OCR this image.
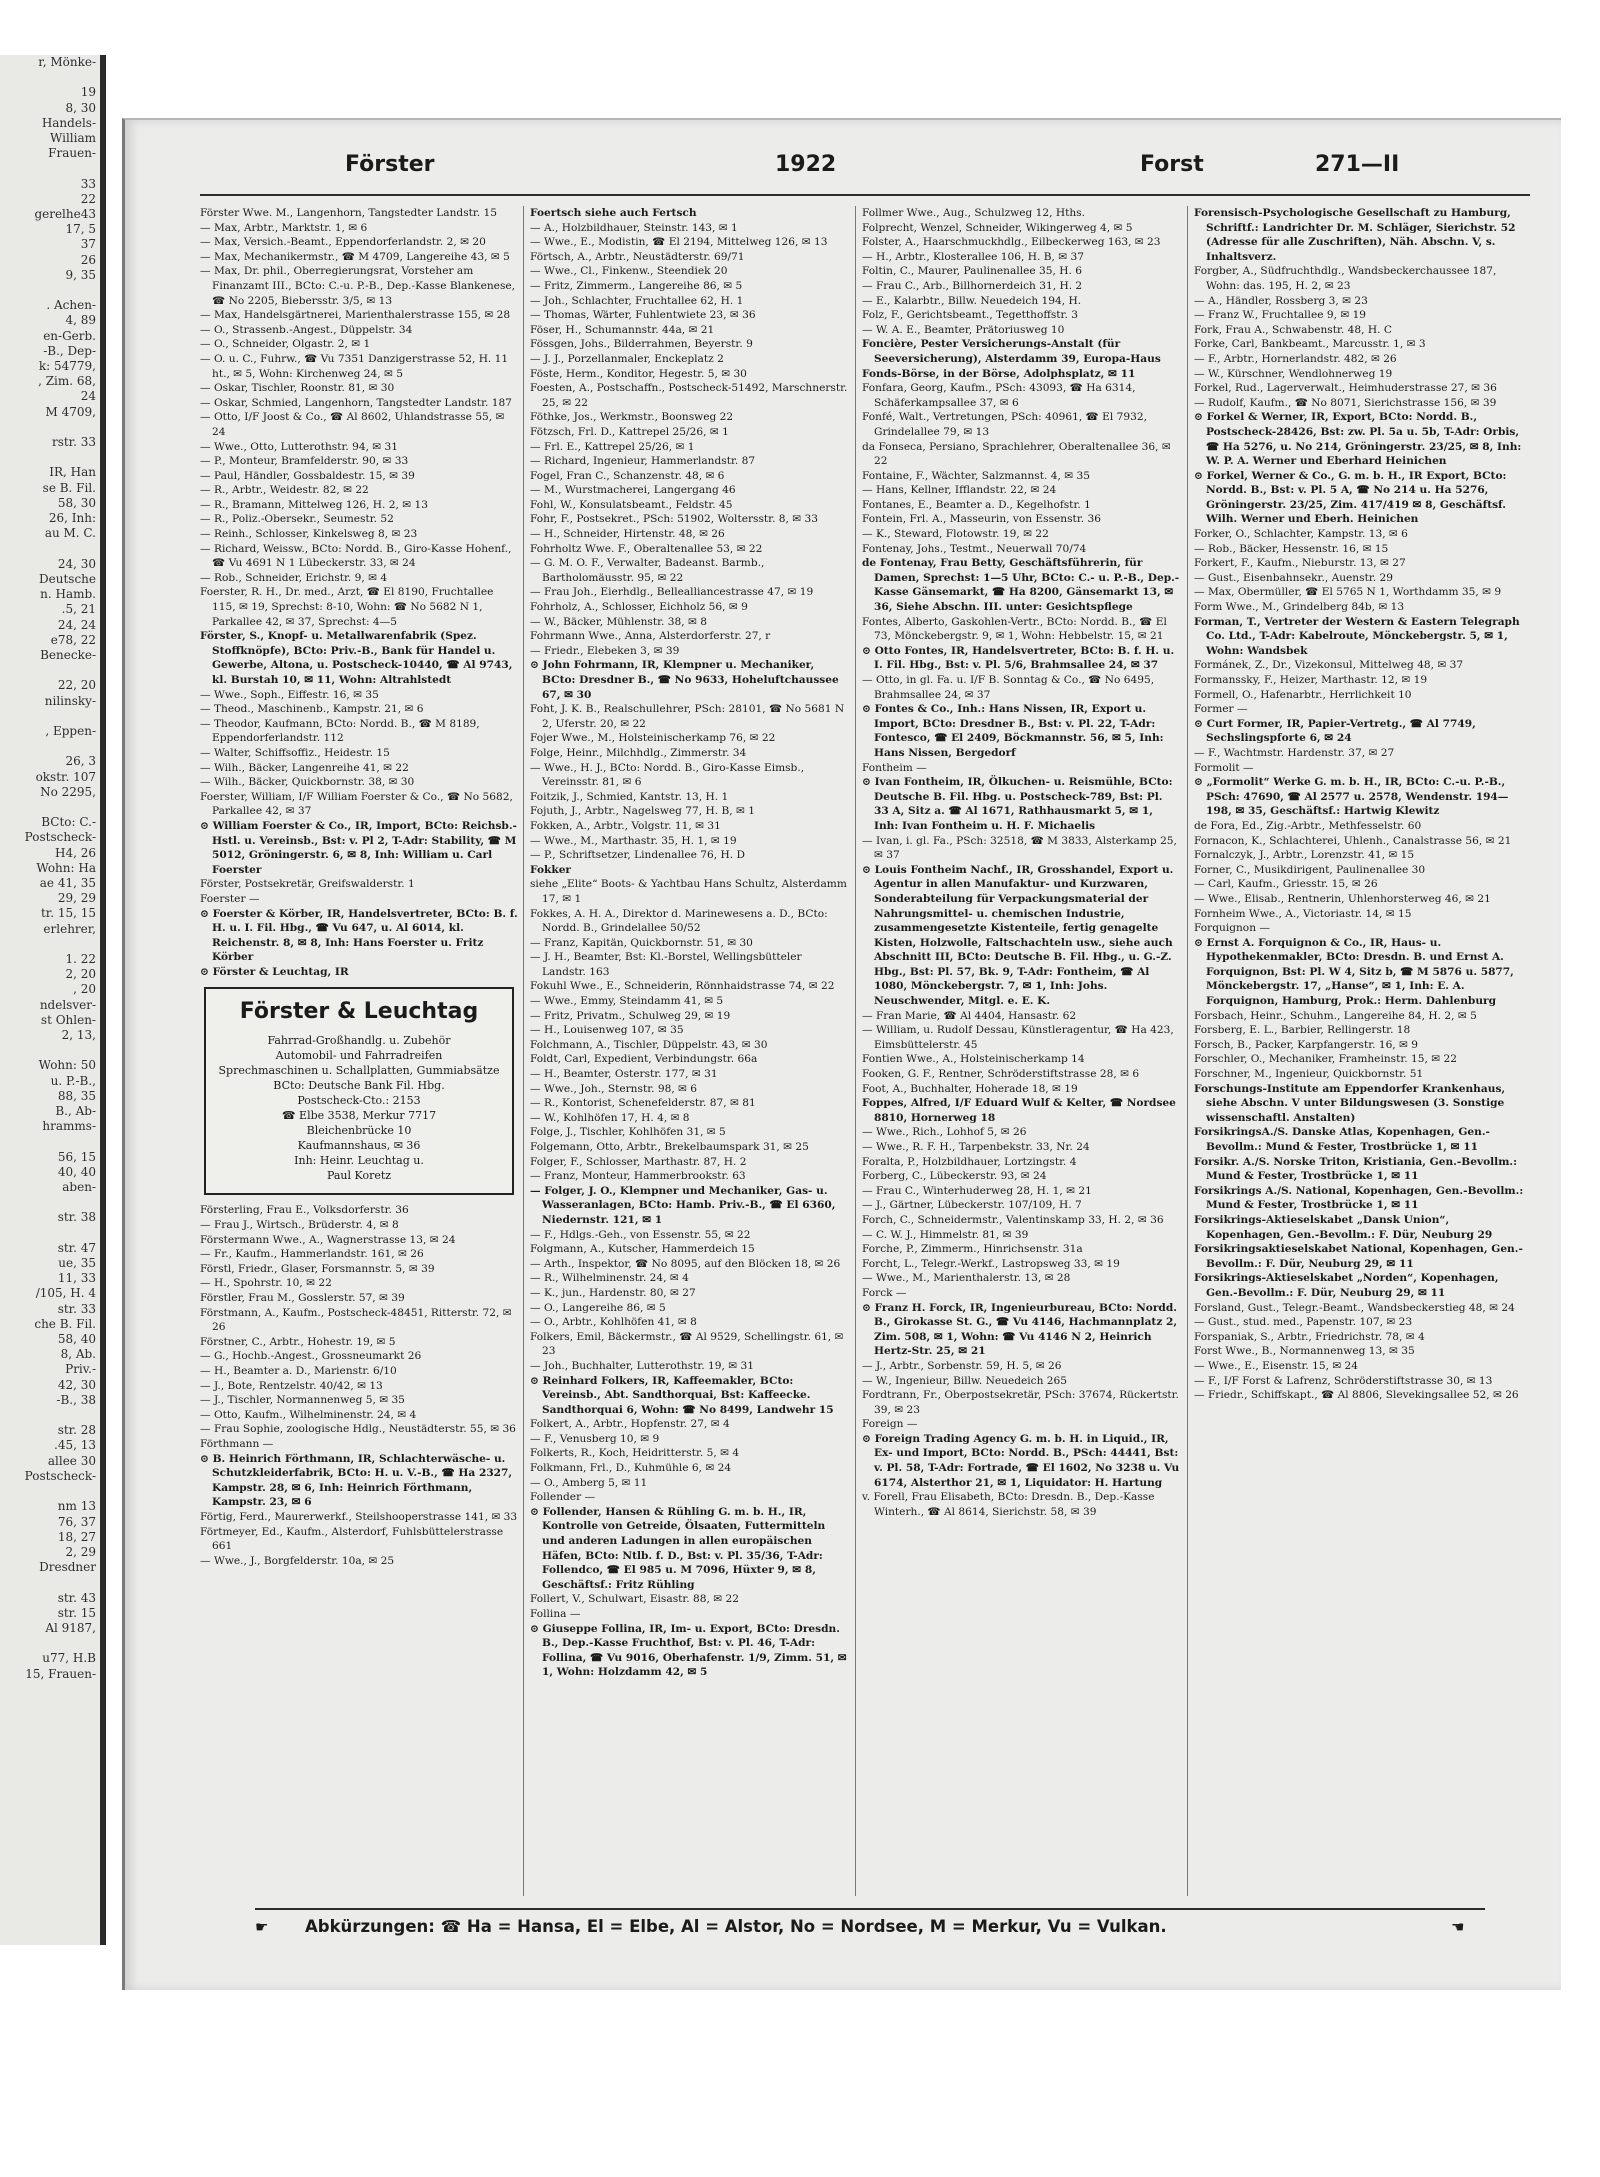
r, Mönke-

19
8, 30
Handels-
William
Frauen-

33
22
gerelhe43
17, 5
37
26
9, 35

. Achen-
4, 89
en-Gerb.
-B., Dep-
k: 54779,
, Zim. 68,
24
M 4709,

rstr. 33

IR, Han
se B. Fil.
58, 30
26, Inh:
au M. C.

24, 30
Deutsche
n. Hamb.
.5, 21
24, 24
e78, 22
Benecke-

22, 20
nilinsky-

, Eppen-

26, 3
okstr. 107
No 2295,

BCto: C.-
Postscheck-
H4, 26
Wohn: Ha
ae 41, 35
29, 29
tr. 15, 15
erlehrer,

1. 22
2, 20
, 20
ndelsver-
st Ohlen-
2, 13,

Wohn: 50
u. P.-B.,
88, 35
B., Ab-
hramms-

56, 15
40, 40
aben-

str. 38

str. 47
ue, 35
11, 33
/105, H. 4
str. 33
che B. Fil.
58, 40
8, Ab.
Priv.-
42, 30
-B., 38

str. 28
.45, 13
allee 30
Postscheck-

nm 13
76, 37
18, 27
2, 29
Dresdner

str. 43
str. 15
Al 9187,

u77, H.B
15, Frauen-
Förster	1922	Forst	271—II

Förster Wwe. M., Langenhorn, Tangstedter Landstr. 15

— Max, Arbtr., Marktstr. 1, ✉ 6

— Max, Versich.-Beamt., Eppendorferlandstr. 2, ✉ 20

— Max, Mechanikermstr., ☎ M 4709, Langereihe 43, ✉ 5

— Max, Dr. phil., Oberregierungsrat, Vorsteher am Finanzamt III., BCto: C.-u. P.-B., Dep.-Kasse Blankenese, ☎ No 2205, Biebersstr. 3/5, ✉ 13

— Max, Handelsgärtnerei, Marienthalerstrasse 155, ✉ 28

— O., Strassenb.-Angest., Düppelstr. 34

— O., Schneider, Olgastr. 2, ✉ 1

— O. u. C., Fuhrw., ☎ Vu 7351 Danzigerstrasse 52, H. 11 ht., ✉ 5, Wohn: Kirchenweg 24, ✉ 5

— Oskar, Tischler, Roonstr. 81, ✉ 30

— Oskar, Schmied, Langenhorn, Tangstedter Landstr. 187

— Otto, I/F Joost & Co., ☎ Al 8602, Uhlandstrasse 55, ✉ 24

— Wwe., Otto, Lutterothstr. 94, ✉ 31

— P., Monteur, Bramfelderstr. 90, ✉ 33

— Paul, Händler, Gossbaldestr. 15, ✉ 39

— R., Arbtr., Weidestr. 82, ✉ 22

— R., Bramann, Mittelweg 126, H. 2, ✉ 13

— R., Poliz.-Obersekr., Seumestr. 52

— Reinh., Schlosser, Kinkelsweg 8, ✉ 23

— Richard, Weissw., BCto: Nordd. B., Giro-Kasse Hohenf., ☎ Vu 4691 N 1 Lübeckerstr. 33, ✉ 24

— Rob., Schneider, Erichstr. 9, ✉ 4

Foerster, R. H., Dr. med., Arzt, ☎ El 8190, Fruchtallee 115, ✉ 19, Sprechst: 8-10, Wohn: ☎ No 5682 N 1, Parkallee 42, ✉ 37, Sprechst: 4—5

Förster, S., Knopf- u. Metallwarenfabrik (Spez. Stoffknöpfe), BCto: Priv.-B., Bank für Handel u. Gewerbe, Altona, u. Postscheck-10440, ☎ Al 9743, kl. Burstah 10, ✉ 11, Wohn: Altrahlstedt

— Wwe., Soph., Eiffestr. 16, ✉ 35

— Theod., Maschinenb., Kampstr. 21, ✉ 6

— Theodor, Kaufmann, BCto: Nordd. B., ☎ M 8189, Eppendorferlandstr. 112

— Walter, Schiffsoffiz., Heidestr. 15

— Wilh., Bäcker, Langenreihe 41, ✉ 22

— Wilh., Bäcker, Quickbornstr. 38, ✉ 30

Foerster, William, I/F William Foerster & Co., ☎ No 5682, Parkallee 42, ✉ 37

⊙ William Foerster & Co., IR, Import, BCto: Reichsb.-Hstl. u. Vereinsb., Bst: v. Pl 2, T-Adr: Stability, ☎ M 5012, Gröningerstr. 6, ✉ 8, Inh: William u. Carl Foerster

Förster, Postsekretär, Greifswalderstr. 1

Foerster —

⊙ Foerster & Körber, IR, Handelsvertreter, BCto: B. f. H. u. I. Fil. Hbg., ☎ Vu 647, u. Al 6014, kl. Reichenstr. 8, ✉ 8, Inh: Hans Foerster u. Fritz Körber

⊙ Förster & Leuchtag, IR

Förster & Leuchtag
Fahrrad-Großhandlg. u. Zubehör
Automobil- und Fahrradreifen
Sprechmaschinen u. Schallplatten, Gummiabsätze
BCto: Deutsche Bank Fil. Hbg.
Postscheck-Cto.: 2153
☎ Elbe 3538, Merkur 7717
Bleichenbrücke 10
Kaufmannshaus, ✉ 36
Inh: Heinr. Leuchtag u.
Paul Koretz

Försterling, Frau E., Volksdorferstr. 36

— Frau J., Wirtsch., Brüderstr. 4, ✉ 8

Förstermann Wwe., A., Wagnerstrasse 13, ✉ 24

— Fr., Kaufm., Hammerlandstr. 161, ✉ 26

Förstl, Friedr., Glaser, Forsmannstr. 5, ✉ 39

— H., Spohrstr. 10, ✉ 22

Förstler, Frau M., Gosslerstr. 57, ✉ 39

Förstmann, A., Kaufm., Postscheck-48451, Ritterstr. 72, ✉ 26

Förstner, C., Arbtr., Hohestr. 19, ✉ 5

— G., Hochb.-Angest., Grossneumarkt 26

— H., Beamter a. D., Marienstr. 6/10

— J., Bote, Rentzelstr. 40/42, ✉ 13

— J., Tischler, Normannenweg 5, ✉ 35

— Otto, Kaufm., Wilhelminenstr. 24, ✉ 4

— Frau Sophie, zoologische Hdlg., Neustädterstr. 55, ✉ 36

Förthmann —

⊙ B. Heinrich Förthmann, IR, Schlachterwäsche- u. Schutzkleiderfabrik, BCto: H. u. V.-B., ☎ Ha 2327, Kampstr. 28, ✉ 6, Inh: Heinrich Förthmann, Kampstr. 23, ✉ 6

Förtig, Ferd., Maurerwerkf., Steilshooperstrasse 141, ✉ 33

Förtmeyer, Ed., Kaufm., Alsterdorf, Fuhlsbüttelerstrasse 661

— Wwe., J., Borgfelderstr. 10a, ✉ 25

Foertsch siehe auch Fertsch

— A., Holzbildhauer, Steinstr. 143, ✉ 1

— Wwe., E., Modistin, ☎ El 2194, Mittelweg 126, ✉ 13

Förtsch, A., Arbtr., Neustädterstr. 69/71

— Wwe., Cl., Finkenw., Steendiek 20

— Fritz, Zimmerm., Langereihe 86, ✉ 5

— Joh., Schlachter, Fruchtallee 62, H. 1

— Thomas, Wärter, Fuhlentwiete 23, ✉ 36

Föser, H., Schumannstr. 44a, ✉ 21

Fössgen, Johs., Bilderrahmen, Beyerstr. 9

— J. J., Porzellanmaler, Enckeplatz 2

Föste, Herm., Konditor, Hegestr. 5, ✉ 30

Foesten, A., Postschaffn., Postscheck-51492, Marschnerstr. 25, ✉ 22

Föthke, Jos., Werkmstr., Boonsweg 22

Fötzsch, Frl. D., Kattrepel 25/26, ✉ 1

— Frl. E., Kattrepel 25/26, ✉ 1

— Richard, Ingenieur, Hammerlandstr. 87

Fogel, Fran C., Schanzenstr. 48, ✉ 6

— M., Wurstmacherei, Langergang 46

Fohl, W., Konsulatsbeamt., Feldstr. 45

Fohr, F., Postsekret., PSch: 51902, Woltersstr. 8, ✉ 33

— H., Schneider, Hirtenstr. 48, ✉ 26

Fohrholtz Wwe. F., Oberaltenallee 53, ✉ 22

— G. M. O. F., Verwalter, Badeanst. Barmb., Bartholomäusstr. 95, ✉ 22

— Frau Joh., Eierhdlg., Bellealliancestrasse 47, ✉ 19

Fohrholz, A., Schlosser, Eichholz 56, ✉ 9

— W., Bäcker, Mühlenstr. 38, ✉ 8

Fohrmann Wwe., Anna, Alsterdorferstr. 27, r

— Friedr., Elebeken 3, ✉ 39

⊙ John Fohrmann, IR, Klempner u. Mechaniker, BCto: Dresdner B., ☎ No 9633, Hoheluftchaussee 67, ✉ 30

Foht, J. K. B., Realschullehrer, PSch: 28101, ☎ No 5681 N 2, Uferstr. 20, ✉ 22

Fojer Wwe., M., Holsteinischerkamp 76, ✉ 22

Folge, Heinr., Milchhdlg., Zimmerstr. 34

— Wwe., H. J., BCto: Nordd. B., Giro-Kasse Eimsb., Vereinsstr. 81, ✉ 6

Foitzik, J., Schmied, Kantstr. 13, H. 1

Fojuth, J., Arbtr., Nagelsweg 77, H. B, ✉ 1

Fokken, A., Arbtr., Volgstr. 11, ✉ 31

— Wwe., M., Marthastr. 35, H. 1, ✉ 19

— P., Schriftsetzer, Lindenallee 76, H. D

Fokker

siehe „Elite“ Boots- & Yachtbau Hans Schultz, Alsterdamm 17, ✉ 1

Fokkes, A. H. A., Direktor d. Marinewesens a. D., BCto: Nordd. B., Grindelallee 50/52

— Franz, Kapitän, Quickbornstr. 51, ✉ 30

— J. H., Beamter, Bst: Kl.-Borstel, Wellingsbütteler Landstr. 163

Fokuhl Wwe., E., Schneiderin, Rönnhaidstrasse 74, ✉ 22

— Wwe., Emmy, Steindamm 41, ✉ 5

— Fritz, Privatm., Schulweg 29, ✉ 19

— H., Louisenweg 107, ✉ 35

Folchmann, A., Tischler, Düppelstr. 43, ✉ 30

Foldt, Carl, Expedient, Verbindungstr. 66a

— H., Beamter, Osterstr. 177, ✉ 31

— Wwe., Joh., Sternstr. 98, ✉ 6

— R., Kontorist, Schenefelderstr. 87, ✉ 81

— W., Kohlhöfen 17, H. 4, ✉ 8

Folge, J., Tischler, Kohlhöfen 31, ✉ 5

Folgemann, Otto, Arbtr., Brekelbaumspark 31, ✉ 25

Folger, F., Schlosser, Marthastr. 87, H. 2

— Franz, Monteur, Hammerbrookstr. 63

— Folger, J. O., Klempner und Mechaniker, Gas- u. Wasseranlagen, BCto: Hamb. Priv.-B., ☎ El 6360, Niedernstr. 121, ✉ 1

— F., Hdlgs.-Geh., von Essenstr. 55, ✉ 22

Folgmann, A., Kutscher, Hammerdeich 15

— Arth., Inspektor, ☎ No 8095, auf den Blöcken 18, ✉ 26

— R., Wilhelminenstr. 24, ✉ 4

— K., jun., Hardenstr. 80, ✉ 27

— O., Langereihe 86, ✉ 5

— O., Arbtr., Kohlhöfen 41, ✉ 8

Folkers, Emil, Bäckermstr., ☎ Al 9529, Schellingstr. 61, ✉ 23

— Joh., Buchhalter, Lutterothstr. 19, ✉ 31

⊙ Reinhard Folkers, IR, Kaffeemakler, BCto: Vereinsb., Abt. Sandthorquai, Bst: Kaffeecke. Sandthorquai 6, Wohn: ☎ No 8499, Landwehr 15

Folkert, A., Arbtr., Hopfenstr. 27, ✉ 4

— F., Venusberg 10, ✉ 9

Folkerts, R., Koch, Heidritterstr. 5, ✉ 4

Folkmann, Frl., D., Kuhmühle 6, ✉ 24

— O., Amberg 5, ✉ 11

Follender —

⊙ Follender, Hansen & Rühling G. m. b. H., IR, Kontrolle von Getreide, Ölsaaten, Futtermitteln und anderen Ladungen in allen europäischen Häfen, BCto: Ntlb. f. D., Bst: v. Pl. 35/36, T-Adr: Follendco, ☎ El 985 u. M 7096, Hüxter 9, ✉ 8, Geschäftsf.: Fritz Rühling

Follert, V., Schulwart, Eisastr. 88, ✉ 22

Follina —

⊙ Giuseppe Follina, IR, Im- u. Export, BCto: Dresdn. B., Dep.-Kasse Fruchthof, Bst: v. Pl. 46, T-Adr: Follina, ☎ Vu 9016, Oberhafenstr. 1/9, Zimm. 51, ✉ 1, Wohn: Holzdamm 42, ✉ 5

Follmer Wwe., Aug., Schulzweg 12, Hths.

Folprecht, Wenzel, Schneider, Wikingerweg 4, ✉ 5

Folster, A., Haarschmuckhdlg., Eilbeckerweg 163, ✉ 23

— H., Arbtr., Klosterallee 106, H. B, ✉ 37

Foltin, C., Maurer, Paulinenallee 35, H. 6

— Frau C., Arb., Billhornerdeich 31, H. 2

— E., Kalarbtr., Billw. Neuedeich 194, H.

Folz, F., Gerichtsbeamt., Tegetthoffstr. 3

— W. A. E., Beamter, Prätoriusweg 10

Foncière, Pester Versicherungs-Anstalt (für Seeversicherung), Alsterdamm 39, Europa-Haus

Fonds-Börse, in der Börse, Adolphsplatz, ✉ 11

Fonfara, Georg, Kaufm., PSch: 43093, ☎ Ha 6314, Schäferkampsallee 37, ✉ 6

Fonfé, Walt., Vertretungen, PSch: 40961, ☎ El 7932, Grindelallee 79, ✉ 13

da Fonseca, Persiano, Sprachlehrer, Oberaltenallee 36, ✉ 22

Fontaine, F., Wächter, Salzmannst. 4, ✉ 35

— Hans, Kellner, Ifflandstr. 22, ✉ 24

Fontanes, E., Beamter a. D., Kegelhofstr. 1

Fontein, Frl. A., Masseurin, von Essenstr. 36

— K., Steward, Flotowstr. 19, ✉ 22

Fontenay, Johs., Testmt., Neuerwall 70/74

de Fontenay, Frau Betty, Geschäftsführerin, für Damen, Sprechst: 1—5 Uhr, BCto: C.- u. P.-B., Dep.-Kasse Gänsemarkt, ☎ Ha 8200, Gänsemarkt 13, ✉ 36, Siehe Abschn. III. unter: Gesichtspflege

Fontes, Alberto, Gaskohlen-Vertr., BCto: Nordd. B., ☎ El 73, Mönckebergstr. 9, ✉ 1, Wohn: Hebbelstr. 15, ✉ 21

⊙ Otto Fontes, IR, Handelsvertreter, BCto: B. f. H. u. I. Fil. Hbg., Bst: v. Pl. 5/6, Brahmsallee 24, ✉ 37

— Otto, in gl. Fa. u. I/F B. Sonntag & Co., ☎ No 6495, Brahmsallee 24, ✉ 37

⊙ Fontes & Co., Inh.: Hans Nissen, IR, Export u. Import, BCto: Dresdner B., Bst: v. Pl. 22, T-Adr: Fontesco, ☎ El 2409, Böckmannstr. 56, ✉ 5, Inh: Hans Nissen, Bergedorf

Fontheim —

⊙ Ivan Fontheim, IR, Ölkuchen- u. Reismühle, BCto: Deutsche B. Fil. Hbg. u. Postscheck-789, Bst: Pl. 33 A, Sitz a. ☎ Al 1671, Rathhausmarkt 5, ✉ 1, Inh: Ivan Fontheim u. H. F. Michaelis

— Ivan, i. gl. Fa., PSch: 32518, ☎ M 3833, Alsterkamp 25, ✉ 37

⊙ Louis Fontheim Nachf., IR, Grosshandel, Export u. Agentur in allen Manufaktur- und Kurzwaren, Sonderabteilung für Verpackungsmaterial der Nahrungsmittel- u. chemischen Industrie, zusammengesetzte Kistenteile, fertig genagelte Kisten, Holzwolle, Faltschachteln usw., siehe auch Abschnitt III, BCto: Deutsche B. Fil. Hbg., u. G.-Z. Hbg., Bst: Pl. 57, Bk. 9, T-Adr: Fontheim, ☎ Al 1080, Mönckebergstr. 7, ✉ 1, Inh: Johs. Neuschwender, Mitgl. e. E. K.

— Fran Marie, ☎ Al 4404, Hansastr. 62

— William, u. Rudolf Dessau, Künstleragentur, ☎ Ha 423, Eimsbüttelerstr. 45

Fontien Wwe., A., Holsteinischerkamp 14

Fooken, G. F., Rentner, Schröderstiftstrasse 28, ✉ 6

Foot, A., Buchhalter, Hoherade 18, ✉ 19

Foppes, Alfred, I/F Eduard Wulf & Kelter, ☎ Nordsee 8810, Hornerweg 18

— Wwe., Rich., Lohhof 5, ✉ 26

— Wwe., R. F. H., Tarpenbekstr. 33, Nr. 24

Foralta, P., Holzbildhauer, Lortzingstr. 4

Forberg, C., Lübeckerstr. 93, ✉ 24

— Frau C., Winterhuderweg 28, H. 1, ✉ 21

— J., Gärtner, Lübeckerstr. 107/109, H. 7

Forch, C., Schneidermstr., Valentinskamp 33, H. 2, ✉ 36

— C. W. J., Himmelstr. 81, ✉ 39

Forche, P., Zimmerm., Hinrichsenstr. 31a

Forcht, L., Telegr.-Werkf., Lastropsweg 33, ✉ 19

— Wwe., M., Marienthalerstr. 13, ✉ 28

Forck —

⊙ Franz H. Forck, IR, Ingenieurbureau, BCto: Nordd. B., Girokasse St. G., ☎ Vu 4146, Hachmannplatz 2, Zim. 508, ✉ 1, Wohn: ☎ Vu 4146 N 2, Heinrich Hertz-Str. 25, ✉ 21

— J., Arbtr., Sorbenstr. 59, H. 5, ✉ 26

— W., Ingenieur, Billw. Neuedeich 265

Fordtrann, Fr., Oberpostsekretär, PSch: 37674, Rückertstr. 39, ✉ 23

Foreign —

⊙ Foreign Trading Agency G. m. b. H. in Liquid., IR, Ex- und Import, BCto: Nordd. B., PSch: 44441, Bst: v. Pl. 58, T-Adr: Fortrade, ☎ El 1602, No 3238 u. Vu 6174, Alsterthor 21, ✉ 1, Liquidator: H. Hartung

v. Forell, Frau Elisabeth, BCto: Dresdn. B., Dep.-Kasse Winterh., ☎ Al 8614, Sierichstr. 58, ✉ 39

Forensisch-Psychologische Gesellschaft zu Hamburg, Schriftf.: Landrichter Dr. M. Schläger, Sierichstr. 52 (Adresse für alle Zuschriften), Näh. Abschn. V, s. Inhaltsverz.

Forgber, A., Südfruchthdlg., Wandsbeckerchaussee 187, Wohn: das. 195, H. 2, ✉ 23

— A., Händler, Rossberg 3, ✉ 23

— Franz W., Fruchtallee 9, ✉ 19

Fork, Frau A., Schwabenstr. 48, H. C

Forke, Carl, Bankbeamt., Marcusstr. 1, ✉ 3

— F., Arbtr., Hornerlandstr. 482, ✉ 26

— W., Kürschner, Wendlohnerweg 19

Forkel, Rud., Lagerverwalt., Heimhuderstrasse 27, ✉ 36

— Rudolf, Kaufm., ☎ No 8071, Sierichstrasse 156, ✉ 39

⊙ Forkel & Werner, IR, Export, BCto: Nordd. B., Postscheck-28426, Bst: zw. Pl. 5a u. 5b, T-Adr: Orbis, ☎ Ha 5276, u. No 214, Gröningerstr. 23/25, ✉ 8, Inh: W. P. A. Werner und Eberhard Heinichen

⊙ Forkel, Werner & Co., G. m. b. H., IR Export, BCto: Nordd. B., Bst: v. Pl. 5 A, ☎ No 214 u. Ha 5276, Gröningerstr. 23/25, Zim. 417/419 ✉ 8, Geschäftsf. Wilh. Werner und Eberh. Heinichen

Forker, O., Schlachter, Kampstr. 13, ✉ 6

— Rob., Bäcker, Hessenstr. 16, ✉ 15

Forkert, F., Kaufm., Nieburstr. 13, ✉ 27

— Gust., Eisenbahnsekr., Auenstr. 29

— Max, Obermüller, ☎ El 5765 N 1, Worthdamm 35, ✉ 9

Form Wwe., M., Grindelberg 84b, ✉ 13

Forman, T., Vertreter der Western & Eastern Telegraph Co. Ltd., T-Adr: Kabelroute, Mönckebergstr. 5, ✉ 1, Wohn: Wandsbek

Formánek, Z., Dr., Vizekonsul, Mittelweg 48, ✉ 37

Formanssky, F., Heizer, Marthastr. 12, ✉ 19

Formell, O., Hafenarbtr., Herrlichkeit 10

Former —

⊙ Curt Former, IR, Papier-Vertretg., ☎ Al 7749, Sechslingspforte 6, ✉ 24

— F., Wachtmstr. Hardenstr. 37, ✉ 27

Formolit —

⊙ „Formolit“ Werke G. m. b. H., IR, BCto: C.-u. P.-B., PSch: 47690, ☎ Al 2577 u. 2578, Wendenstr. 194—198, ✉ 35, Geschäftsf.: Hartwig Klewitz

de Fora, Ed., Zig.-Arbtr., Methfesselstr. 60

Fornacon, K., Schlachterei, Uhlenh., Canalstrasse 56, ✉ 21

Fornalczyk, J., Arbtr., Lorenzstr. 41, ✉ 15

Forner, C., Musikdirigent, Paulinenallee 30

— Carl, Kaufm., Griesstr. 15, ✉ 26

— Wwe., Elisab., Rentnerin, Uhlenhorsterweg 46, ✉ 21

Fornheim Wwe., A., Victoriastr. 14, ✉ 15

Forquignon —

⊙ Ernst A. Forquignon & Co., IR, Haus- u. Hypothekenmakler, BCto: Dresdn. B. und Ernst A. Forquignon, Bst: Pl. W 4, Sitz b, ☎ M 5876 u. 5877, Mönckebergstr. 17, „Hanse“, ✉ 1, Inh: E. A. Forquignon, Hamburg, Prok.: Herm. Dahlenburg

Forsbach, Heinr., Schuhm., Langereihe 84, H. 2, ✉ 5

Forsberg, E. L., Barbier, Rellingerstr. 18

Forsch, B., Packer, Karpfangerstr. 16, ✉ 9

Forschler, O., Mechaniker, Framheinstr. 15, ✉ 22

Forschner, M., Ingenieur, Quickbornstr. 51

Forschungs-Institute am Eppendorfer Krankenhaus, siehe Abschn. V unter Bildungswesen (3. Sonstige wissenschaftl. Anstalten)

ForsikringsA./S. Danske Atlas, Kopenhagen, Gen.-Bevollm.: Mund & Fester, Trostbrücke 1, ✉ 11

Forsikr. A./S. Norske Triton, Kristiania, Gen.-Bevollm.: Mund & Fester, Trostbrücke 1, ✉ 11

Forsikrings A./S. National, Kopenhagen, Gen.-Bevollm.: Mund & Fester, Trostbrücke 1, ✉ 11

Forsikrings-Aktieselskabet „Dansk Union“, Kopenhagen, Gen.-Bevollm.: F. Dür, Neuburg 29

Forsikringsaktieselskabet National, Kopenhagen, Gen.-Bevollm.: F. Dür, Neuburg 29, ✉ 11

Forsikrings-Aktieselskabet „Norden“, Kopenhagen, Gen.-Bevollm.: F. Dür, Neuburg 29, ✉ 11

Forsland, Gust., Telegr.-Beamt., Wandsbeckerstieg 48, ✉ 24

— Gust., stud. med., Papenstr. 107, ✉ 23

Forspaniak, S., Arbtr., Friedrichstr. 78, ✉ 4

Forst Wwe., B., Normannenweg 13, ✉ 35

— Wwe., E., Eisenstr. 15, ✉ 24

— F., I/F Forst & Lafrenz, Schröderstiftstrasse 30, ✉ 13

— Friedr., Schiffskapt., ☎ Al 8806, Slevekingsallee 52, ✉ 26

☛ Abkürzungen: ☎ Ha = Hansa, El = Elbe, Al = Alstor, No = Nordsee, M = Merkur, Vu = Vulkan.	☚
